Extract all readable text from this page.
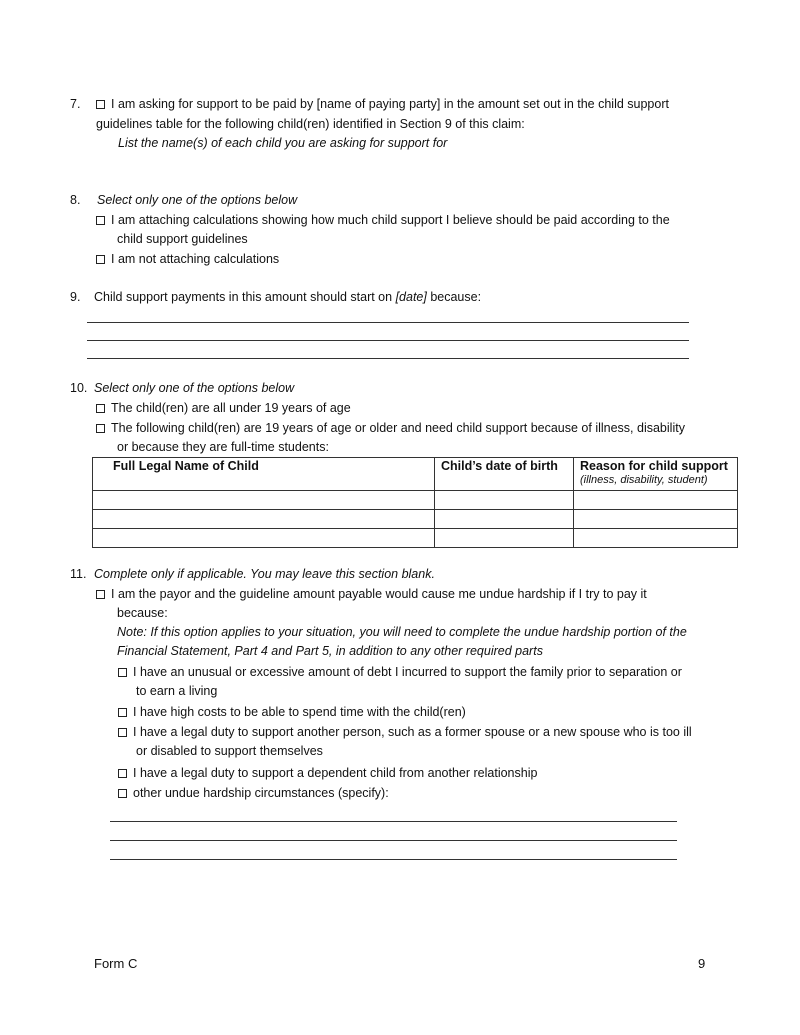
7.	I am asking for support to be paid by [name of paying party] in the amount set out in the child support
guidelines table for the following child(ren) identified in Section 9 of this claim:
List the name(s) of each child you are asking for support for
8. Select only one of the options below
I am attaching calculations showing how much child support I believe should be paid according to the
child support guidelines
I am not attaching calculations
9. Child support payments in this amount should start on [date] because:
10. Select only one of the options below
The child(ren) are all under 19 years of age
The following child(ren) are 19 years of age or older and need child support because of illness, disability
or because they are full-time students:
Full Legal Name of Child	Child’s date of birth	Reason for child support
(illness, disability, student)

11. Complete only if applicable. You may leave this section blank.
I am the payor and the guideline amount payable would cause me undue hardship if I try to pay it
because:
Note: If this option applies to your situation, you will need to complete the undue hardship portion of the
Financial Statement, Part 4 and Part 5, in addition to any other required parts
I have an unusual or excessive amount of debt I incurred to support the family prior to separation or
to earn a living
I have high costs to be able to spend time with the child(ren)
I have a legal duty to support another person, such as a former spouse or a new spouse who is too ill
or disabled to support themselves
I have a legal duty to support a dependent child from another relationship
other undue hardship circumstances (specify):
Form C	9
